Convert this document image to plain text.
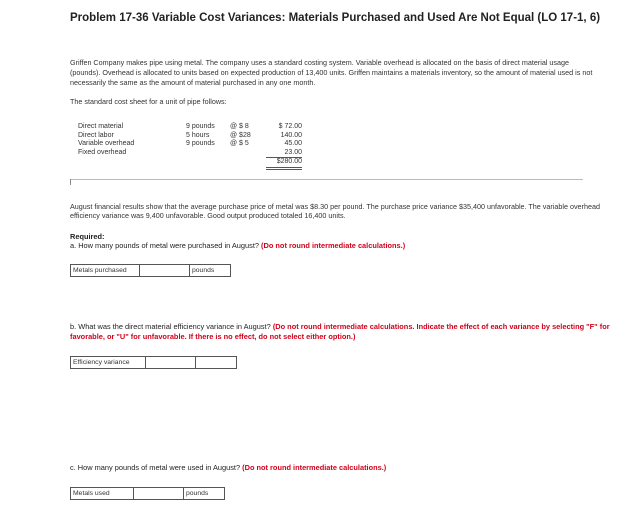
Problem 17-36 Variable Cost Variances: Materials Purchased and Used Are Not Equal (LO 17-1, 6)
Griffen Company makes pipe using metal. The company uses a standard costing system. Variable overhead is allocated on the basis of direct material usage (pounds). Overhead is allocated to units based on expected production of 13,400 units. Griffen maintains a materials inventory, so the amount of material used is not necessarily the same as the amount of material purchased in any one month.
The standard cost sheet for a unit of pipe follows:
Direct material	9 pounds	@ $ 8	$ 72.00
Direct labor	5 hours	@ $28	140.00
Variable overhead	9 pounds	@ $ 5	45.00
Fixed overhead			23.00
			$280.00
August financial results show that the average purchase price of metal was $8.30 per pound. The purchase price variance $35,400 unfavorable. The variable overhead efficiency variance was 9,400 unfavorable. Good output produced totaled 16,400 units.
Required:
a. How many pounds of metal were purchased in August? (Do not round intermediate calculations.)
Metals purchased	pounds
b. What was the direct material efficiency variance in August? (Do not round intermediate calculations. Indicate the effect of each variance by selecting "F" for favorable, or "U" for unfavorable. If there is no effect, do not select either option.)
Efficiency variance
c. How many pounds of metal were used in August? (Do not round intermediate calculations.)
Metals used	pounds
